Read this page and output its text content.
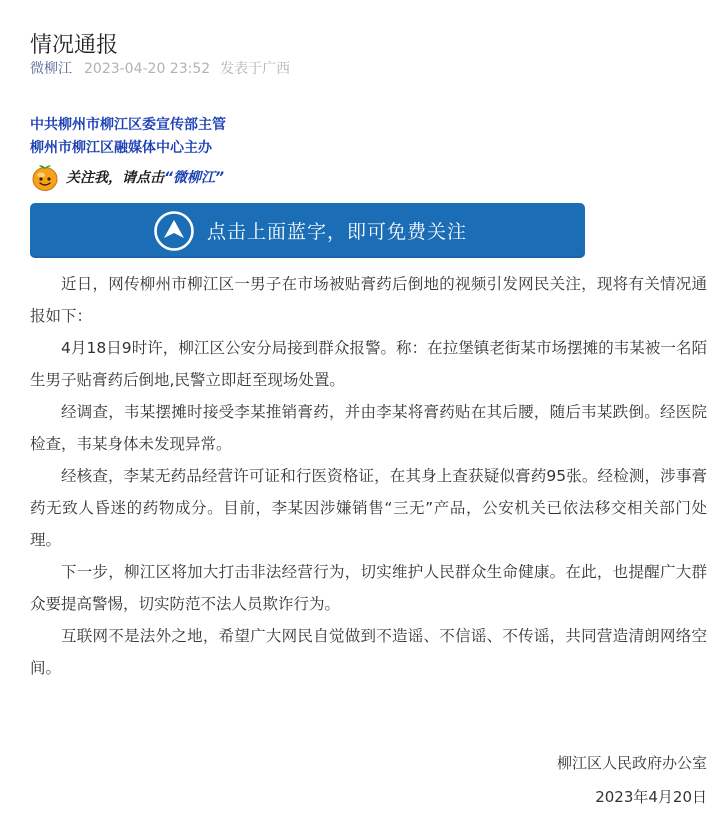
情况通报
微柳江 2023-04-20 23:52 发表于广西
中共柳州市柳江区委宣传部主管
柳州市柳江区融媒体中心主办
关注我，请点击“微柳江”
点击上面蓝字，即可免费关注

近日，网传柳州市柳江区一男子在市场被贴膏药后倒地的视频引发网民关注，现将有关情况通报如下：

4月18日9时许，柳江区公安分局接到群众报警。称：在拉堡镇老街某市场摆摊的韦某被一名陌生男子贴膏药后倒地,民警立即赶至现场处置。

经调查，韦某摆摊时接受李某推销膏药，并由李某将膏药贴在其后腰，随后韦某跌倒。经医院检查，韦某身体未发现异常。

经核查，李某无药品经营许可证和行医资格证，在其身上查获疑似膏药95张。经检测，涉事膏药无致人昏迷的药物成分。目前，李某因涉嫌销售“三无”产品，公安机关已依法移交相关部门处理。

下一步，柳江区将加大打击非法经营行为，切实维护人民群众生命健康。在此，也提醒广大群众要提高警惕，切实防范不法人员欺诈行为。

互联网不是法外之地，希望广大网民自觉做到不造谣、不信谣、不传谣，共同营造清朗网络空间。

柳江区人民政府办公室
2023年4月20日
